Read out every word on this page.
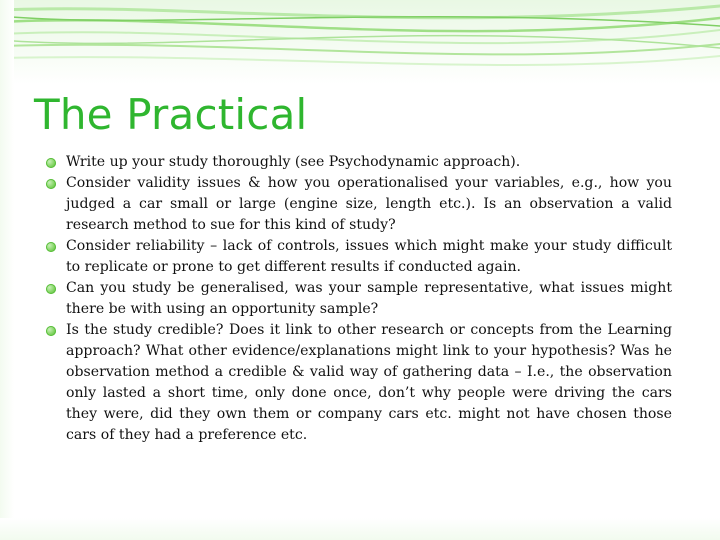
The Practical
Write up your study thoroughly (see Psychodynamic approach).
Consider validity issues & how you operationalised your variables, e.g., how you judged a car small or large (engine size, length etc.). Is an observation a valid research method to sue for this kind of study?
Consider reliability – lack of controls, issues which might make your study difficult to replicate or prone to get different results if conducted again.
Can you study be generalised, was your sample representative, what issues might there be with using an opportunity sample?
Is the study credible? Does it link to other research or concepts from the Learning approach? What other evidence/explanations might link to your hypothesis? Was he observation method a credible & valid way of gathering data – I.e., the observation only lasted a short time, only done once, don’t why people were driving the cars they were, did they own them or company cars etc. might not have chosen those cars of they had a preference etc.
